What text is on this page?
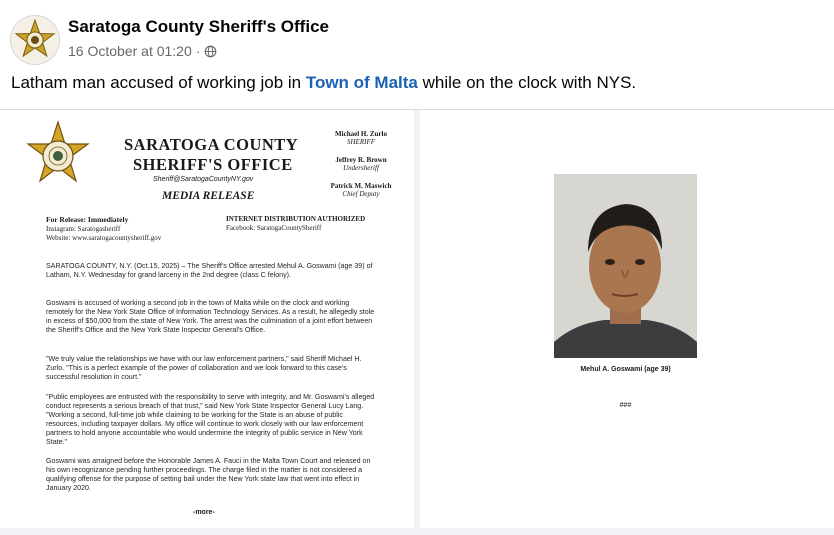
Saratoga County Sheriff's Office
16 October at 01:20 ·
Latham man accused of working job in Town of Malta while on the clock with NYS.
SARATOGA COUNTY
SHERIFF'S OFFICE
Sheriff@SaratogaCountyNY.gov
MEDIA RELEASE
Michael H. Zurlo
SHERIFF
Jeffrey R. Brown
Undersheriff
Patrick M. Maswich
Chief Deputy
For Release: Immediately
Instagram: Saratogasheriff
Website: www.saratogacountysheriff.gov
INTERNET DISTRIBUTION AUTHORIZED
Facebook: SaratogaCountySheriff
SARATOGA COUNTY, N.Y. (Oct.15, 2025) – The Sheriff's Office arrested Mehul A. Goswami (age 39) of Latham, N.Y. Wednesday for grand larceny in the 2nd degree (class C felony).
Goswami is accused of working a second job in the town of Malta while on the clock and working remotely for the New York State Office of Information Technology Services. As a result, he allegedly stole in excess of $50,000 from the state of New York. The arrest was the culmination of a joint effort between the Sheriff's Office and the New York State Inspector General's Office.
"We truly value the relationships we have with our law enforcement partners," said Sheriff Michael H. Zurlo. "This is a perfect example of the power of collaboration and we look forward to this case's successful resolution in court."
"Public employees are entrusted with the responsibility to serve with integrity, and Mr. Goswami's alleged conduct represents a serious breach of that trust," said New York State Inspector General Lucy Lang. "Working a second, full-time job while claiming to be working for the State is an abuse of public resources, including taxpayer dollars. My office will continue to work closely with our law enforcement partners to hold anyone accountable who would undermine the integrity of public service in New York State."
Goswami was arraigned before the Honorable James A. Fauci in the Malta Town Court and released on his own recognizance pending further proceedings. The charge filed in the matter is not considered a qualifying offense for the purpose of setting bail under the New York state law that went into effect in January 2020.
-more-
Mehul A. Goswami (age 39)
###
